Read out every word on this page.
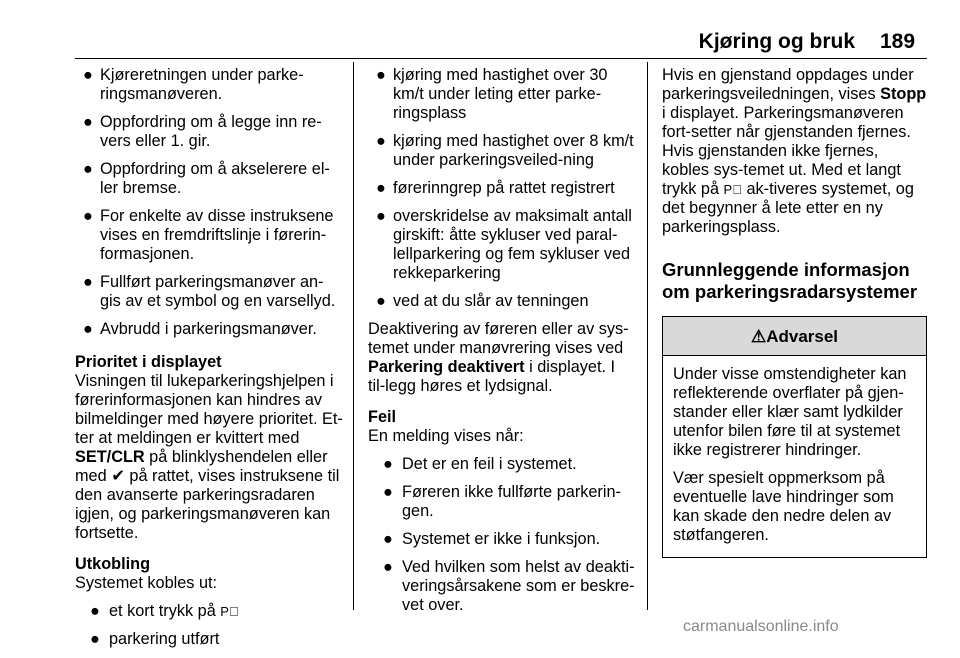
Kjøring og bruk 189
● Kjøreretningen under parke-ringsmanøveren.
● Oppfordring om å legge inn re-vers eller 1. gir.
● Oppfordring om å akselerere el-ler bremse.
● For enkelte av disse instruksene vises en fremdriftslinje i førerin-formasjonen.
● Fullført parkeringsmanøver an-gis av et symbol og en varsellyd.
● Avbrudd i parkeringsmanøver.

Prioritet i displayet

Visningen til lukeparkeringshjelpen i førerinformasjonen kan hindres av bilmeldinger med høyere prioritet. Et-ter at meldingen er kvittert med SET/CLR på blinklyshendelen eller med ✔ på rattet, vises instruksene til den avanserte parkeringsradaren igjen, og parkeringsmanøveren kan fortsette.

Utkobling

Systemet kobles ut:

● et kort trykk på P⃞
● parkering utført
● kjøring med hastighet over 30 km/t under leting etter parke-ringsplass
● kjøring med hastighet over 8 km/t under parkeringsveiled-ning
● førerinngrep på rattet registrert
● overskridelse av maksimalt antall girskift: åtte sykluser ved paral-lellparkering og fem sykluser ved rekkeparkering
● ved at du slår av tenningen

Deaktivering av føreren eller av sys-temet under manøvrering vises ved Parkering deaktivert i displayet. I til-legg høres et lydsignal.

Feil

En melding vises når:

● Det er en feil i systemet.
● Føreren ikke fullførte parkerin-gen.
● Systemet er ikke i funksjon.
● Ved hvilken som helst av deakti-veringsårsakene som er beskre-vet over.

Hvis en gjenstand oppdages under parkeringsveiledningen, vises Stopp i displayet. Parkeringsmanøveren fort-setter når gjenstanden fjernes. Hvis gjenstanden ikke fjernes, kobles sys-temet ut. Med et langt trykk på P⃞ ak-tiveres systemet, og det begynner å lete etter en ny parkeringsplass.

Grunnleggende informasjon om parkeringsradarsystemer

⚠ Advarsel

Under visse omstendigheter kan reflekterende overflater på gjen-stander eller klær samt lydkilder utenfor bilen føre til at systemet ikke registrerer hindringer.

Vær spesielt oppmerksom på eventuelle lave hindringer som kan skade den nedre delen av støtfangeren.

carmanualsonline.info
